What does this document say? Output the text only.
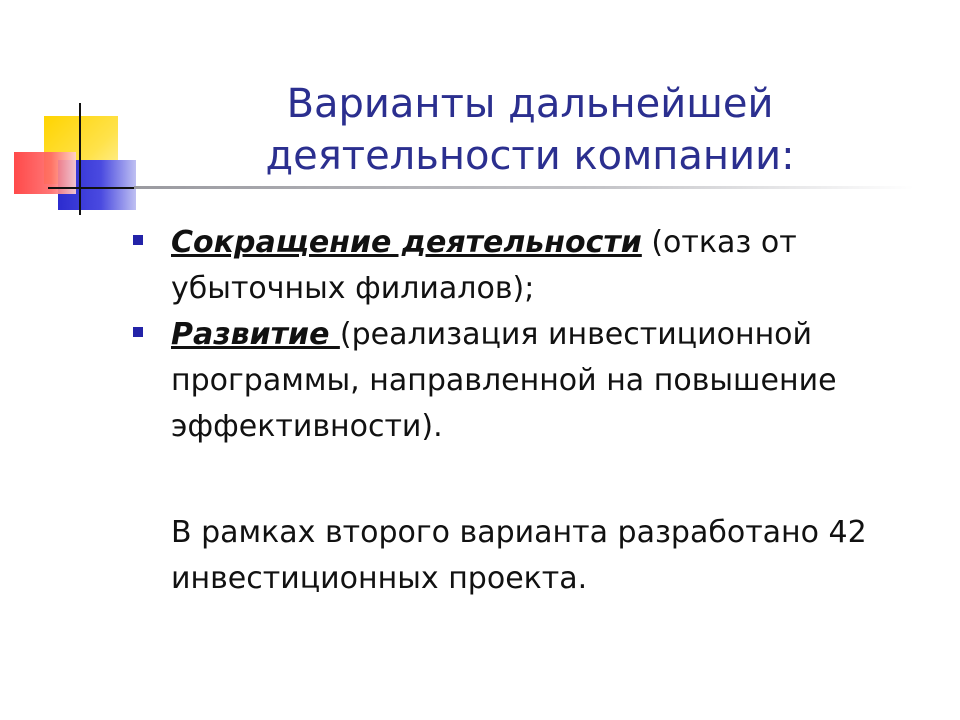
Варианты дальнейшей
деятельности компании:
Сокращение деятельности (отказ от убыточных филиалов);
Развитие (реализация инвестиционной программы, направленной на повышение эффективности).
В рамках второго варианта разработано 42 инвестиционных проекта.
